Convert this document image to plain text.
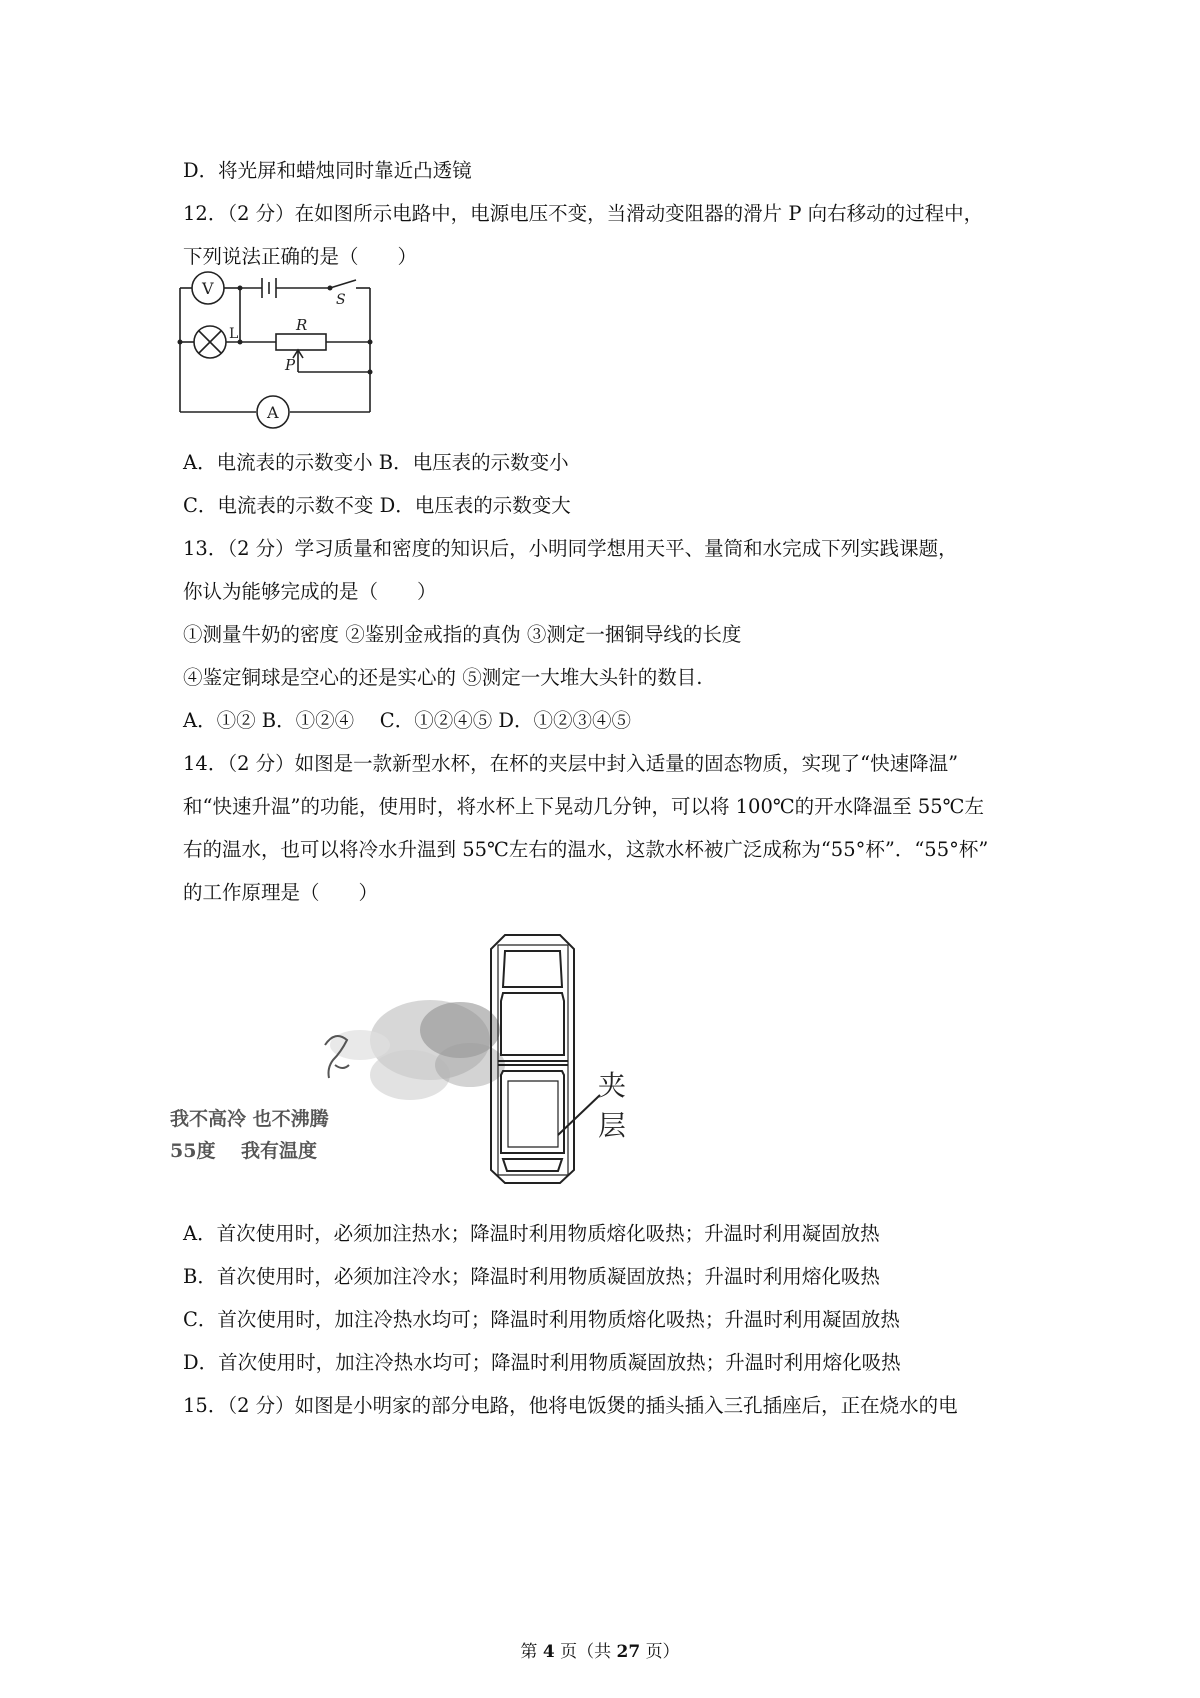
D．将光屏和蜡烛同时靠近凸透镜
12．（2 分）在如图所示电路中，电源电压不变，当滑动变阻器的滑片 P 向右移动的过程中，
下列说法正确的是（　　）
V
A
L	R
P
S
A．电流表的示数变小 B．电压表的示数变小
C．电流表的示数不变 D．电压表的示数变大
13．（2 分）学习质量和密度的知识后，小明同学想用天平、量筒和水完成下列实践课题，
你认为能够完成的是（　　）
①测量牛奶的密度 ②鉴别金戒指的真伪 ③测定一捆铜导线的长度
④鉴定铜球是空心的还是实心的 ⑤测定一大堆大头针的数目.
A．①② B．①②④　 C．①②④⑤ D．①②③④⑤
14．（2 分）如图是一款新型水杯，在杯的夹层中封入适量的固态物质，实现了“快速降温”
和“快速升温”的功能，使用时，将水杯上下晃动几分钟，可以将 100℃的开水降温至 55℃左
右的温水，也可以将冷水升温到 55℃左右的温水，这款水杯被广泛成称为“55°杯”．“55°杯”
的工作原理是（　　）
我不高冷 也不沸腾
55度　 我有温度
夹
层
A．首次使用时，必须加注热水；降温时利用物质熔化吸热；升温时利用凝固放热
B．首次使用时，必须加注冷水；降温时利用物质凝固放热；升温时利用熔化吸热
C．首次使用时，加注冷热水均可；降温时利用物质熔化吸热；升温时利用凝固放热
D．首次使用时，加注冷热水均可；降温时利用物质凝固放热；升温时利用熔化吸热
15．（2 分）如图是小明家的部分电路，他将电饭煲的插头插入三孔插座后，正在烧水的电
第 4 页（共 27 页）
